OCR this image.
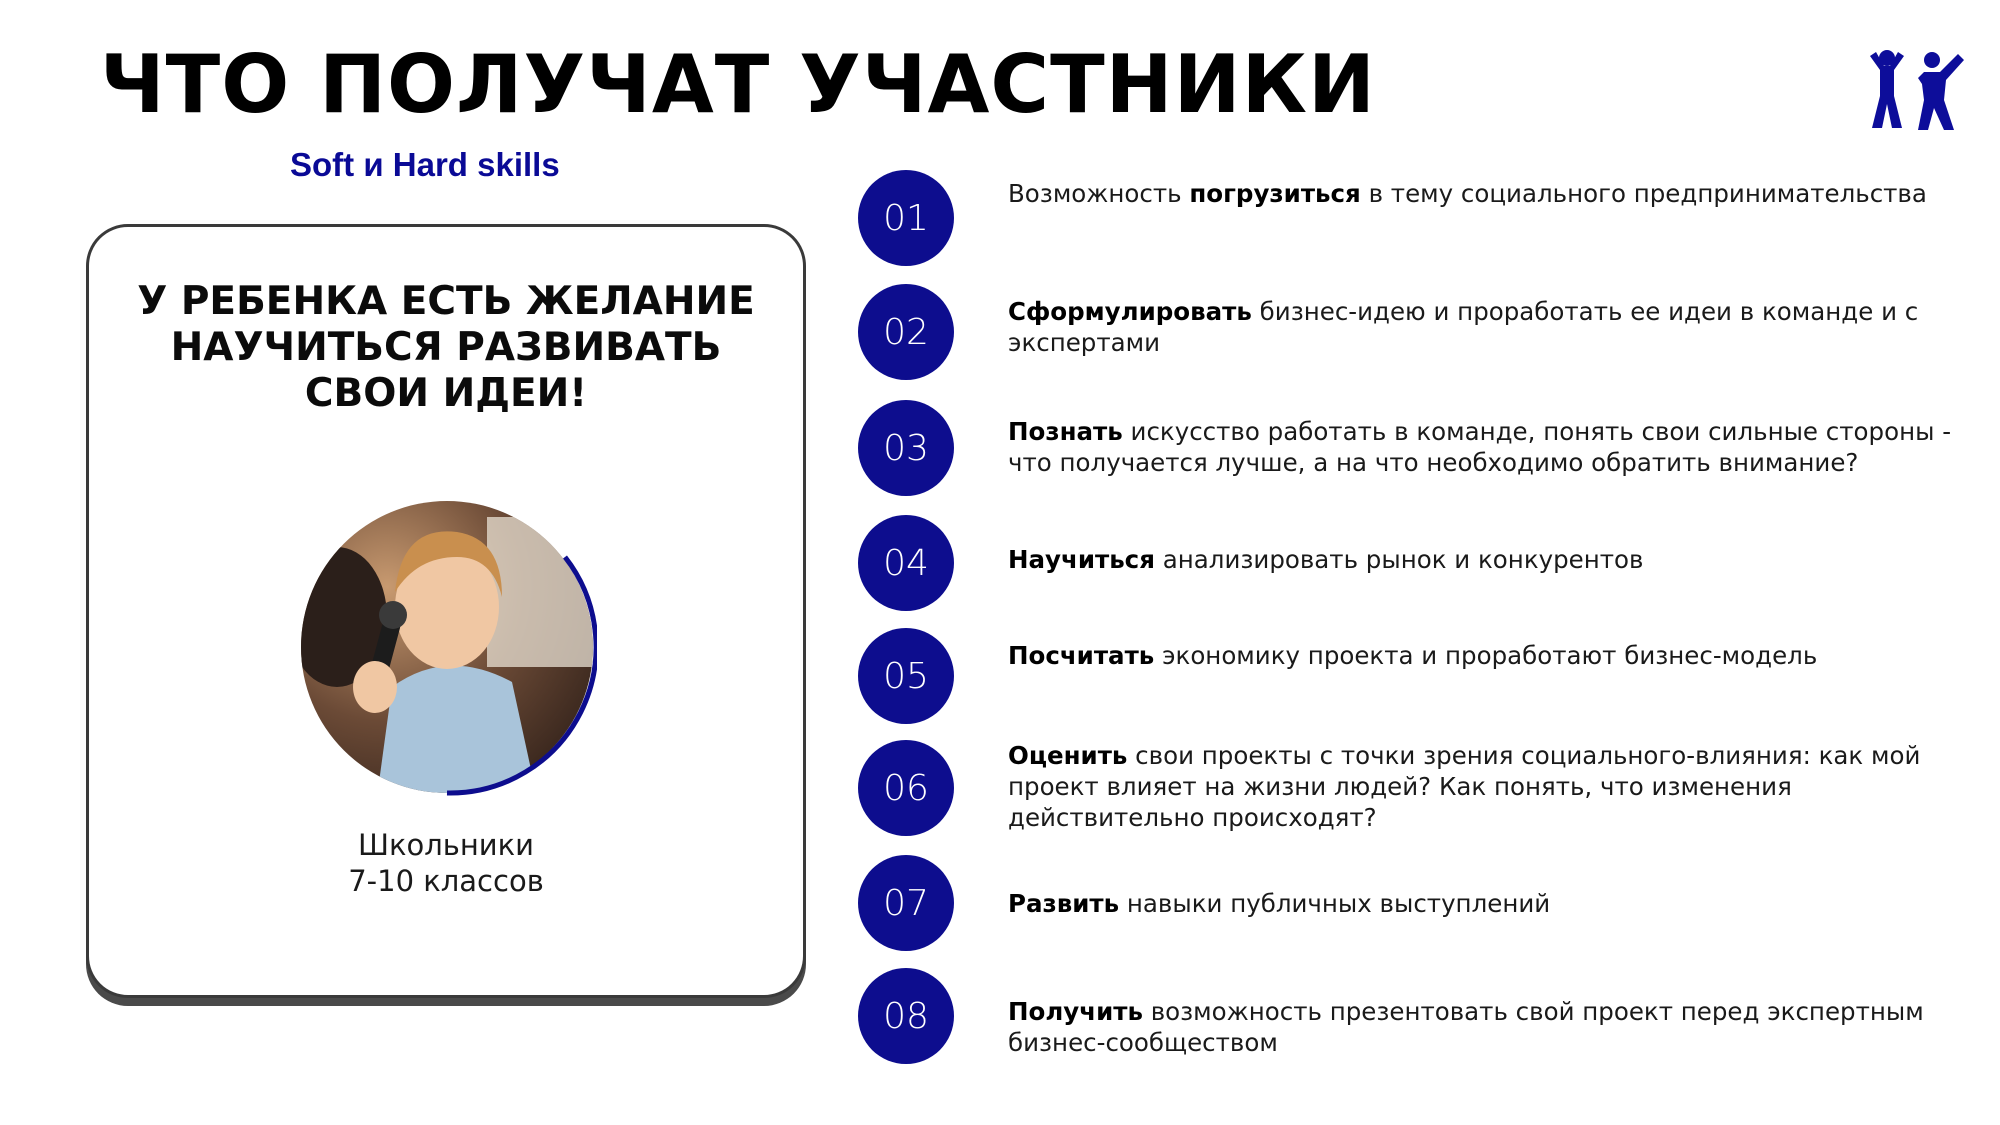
ЧТО ПОЛУЧАТ УЧАСТНИКИ
Soft и Hard skills
У РЕБЕНКА ЕСТЬ ЖЕЛАНИЕ
НАУЧИТЬСЯ РАЗВИВАТЬ
СВОИ ИДЕИ!
Школьники
7-10 классов
01
Возможность погрузиться в тему социального предпринимательства
02	Сформулировать бизнес-идею и проработать ее идеи в команде и с экспертами
03	Познать искусство работать в команде, понять свои сильные стороны - что получается лучше, а на что необходимо обратить внимание?
04	Научиться анализировать рынок и конкурентов
05	Посчитать экономику проекта и проработают бизнес-модель
06
Оценить свои проекты с точки зрения социального-влияния: как мой проект влияет на жизни людей? Как понять, что изменения действительно происходят?
07	Развить навыки публичных выступлений
08	Получить возможность презентовать свой проект перед экспертным бизнес-сообществом
